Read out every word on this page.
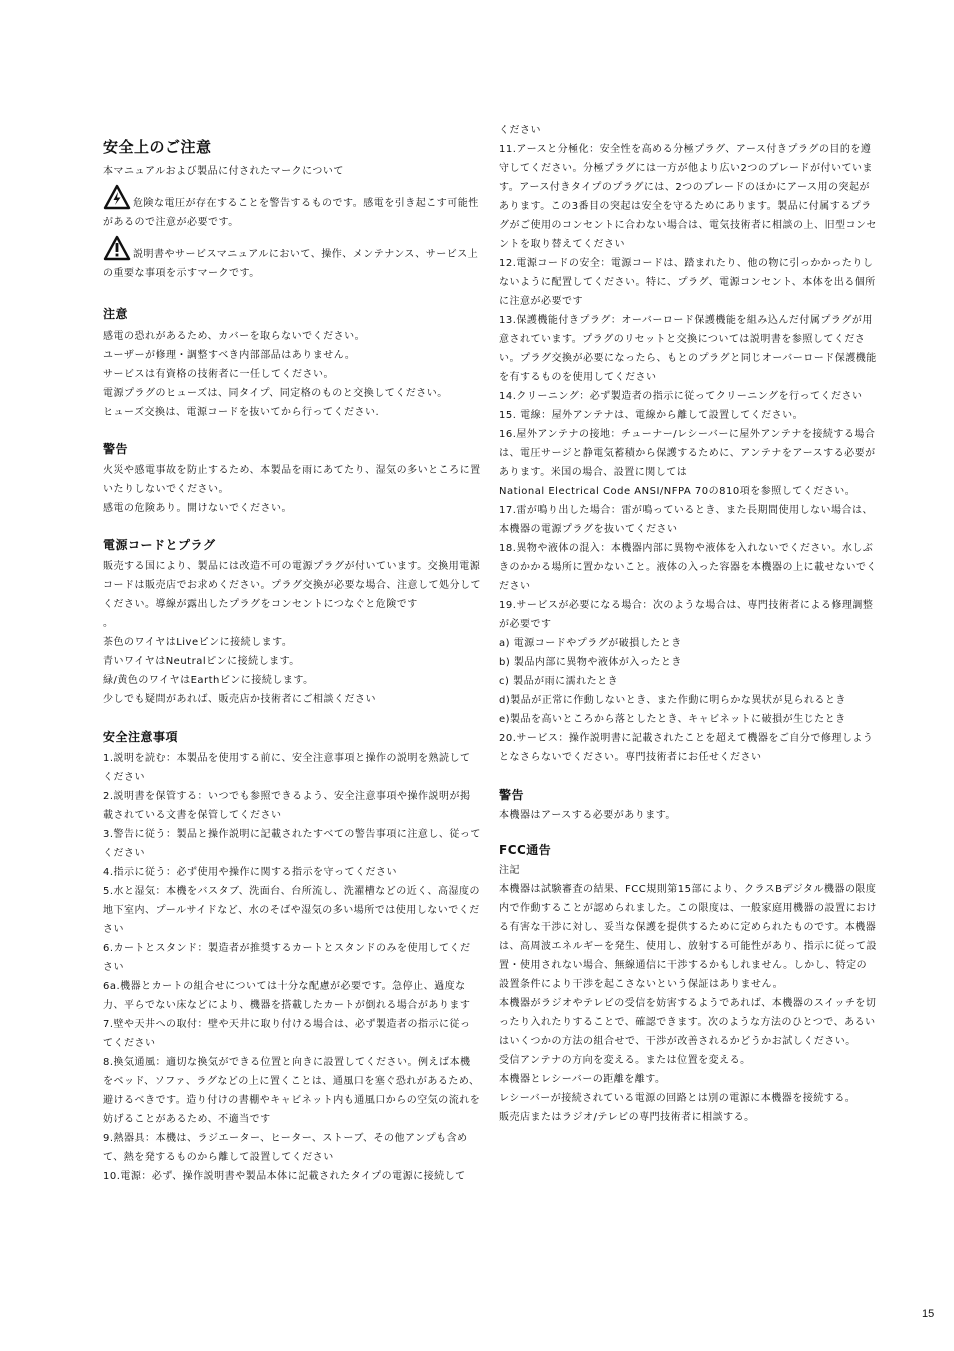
安全上のご注意

本マニュアルおよび製品に付されたマークについて

危険な電圧が存在することを警告するものです。感電を引き起こす可能性があるので注意が必要です。

説明書やサービスマニュアルにおいて、操作、メンテナンス、サービス上の重要な事項を示すマークです。

注意

感電の恐れがあるため、カバーを取らないでください。
ユーザーが修理・調整すべき内部部品はありません。
サービスは有資格の技術者に一任してください。
電源プラグのヒューズは、同タイプ、同定格のものと交換してください。
ヒューズ交換は、電源コードを抜いてから行ってください.

警告

火災や感電事故を防止するため、本製品を雨にあてたり、湿気の多いところに置いたりしないでください。
感電の危険あり。開けないでください。

電源コードとプラグ

販売する国により、製品には改造不可の電源プラグが付いています。交換用電源コードは販売店でお求めください。プラグ交換が必要な場合、注意して処分してください。導線が露出したプラグをコンセントにつなぐと危険です
。
茶色のワイヤはLiveピンに接続します。
青いワイヤはNeutralピンに接続します。
緑/黄色のワイヤはEarthピンに接続します。
少しでも疑問があれば、販売店か技術者にご相談ください

安全注意事項

1.説明を読む：本製品を使用する前に、安全注意事項と操作の説明を熟読してください
2.説明書を保管する：いつでも参照できるよう、安全注意事項や操作説明が掲載されている文書を保管してください
3.警告に従う：製品と操作説明に記載されたすべての警告事項に注意し、従ってください
4.指示に従う：必ず使用や操作に関する指示を守ってください
5.水と湿気：本機をバスタブ、洗面台、台所流し、洗濯槽などの近く、高湿度の地下室内、プールサイドなど、水のそばや湿気の多い場所では使用しないでください
6.カートとスタンド：製造者が推奨するカートとスタンドのみを使用してください
6a.機器とカートの組合せについては十分な配慮が必要です。急停止、過度な力、平らでない床などにより、機器を搭載したカートが倒れる場合があります
7.壁や天井への取付：壁や天井に取り付ける場合は、必ず製造者の指示に従ってください
8.換気通風：適切な換気ができる位置と向きに設置してください。例えば本機をベッド、ソファ、ラグなどの上に置くことは、通風口を塞ぐ恐れがあるため、避けるべきです。造り付けの書棚やキャビネット内も通風口からの空気の流れを妨げることがあるため、不適当です
9.熱器具：本機は、ラジエーター、ヒーター、ストーブ、その他アンプも含めて、熱を発するものから離して設置してください
10.電源：必ず、操作説明書や製品本体に記載されたタイプの電源に接続して

ください
11.アースと分極化：安全性を高める分極プラグ、アース付きプラグの目的を遵守してください。分極プラグには一方が他より広い2つのブレードが付いています。アース付きタイプのプラグには、2つのブレードのほかにアース用の突起があります。この3番目の突起は安全を守るためにあります。製品に付属するプラグがご使用のコンセントに合わない場合は、電気技術者に相談の上、旧型コンセントを取り替えてください
12.電源コードの安全：電源コードは、踏まれたり、他の物に引っかかったりしないように配置してください。特に、プラグ、電源コンセント、本体を出る個所に注意が必要です
13.保護機能付きプラグ：オーバーロード保護機能を組み込んだ付属プラグが用意されています。プラグのリセットと交換については説明書を参照してください。プラグ交換が必要になったら、もとのプラグと同じオーバーロード保護機能を有するものを使用してください
14.クリーニング：必ず製造者の指示に従ってクリーニングを行ってください
15. 電線：屋外アンテナは、電線から離して設置してください。
16.屋外アンテナの接地：チューナー/レシーバーに屋外アンテナを接続する場合は、電圧サージと静電気蓄積から保護するために、アンテナをアースする必要があります。米国の場合、設置に関しては
National Electrical Code ANSI/NFPA 70の810項を参照してください。
17.雷が鳴り出した場合：雷が鳴っているとき、また長期間使用しない場合は、本機器の電源プラグを抜いてください
18.異物や液体の混入：本機器内部に異物や液体を入れないでください。水しぶきのかかる場所に置かないこと。液体の入った容器を本機器の上に載せないでください
19.サービスが必要になる場合：次のような場合は、専門技術者による修理調整が必要です
a) 電源コードやプラグが破損したとき
b) 製品内部に異物や液体が入ったとき
c) 製品が雨に濡れたとき
d)製品が正常に作動しないとき、また作動に明らかな異状が見られるとき
e)製品を高いところから落としたとき、キャビネットに破損が生じたとき
20.サービス：操作説明書に記載されたことを超えて機器をご自分で修理しようとなさらないでください。専門技術者にお任せください

警告

本機器はアースする必要があります。

FCC通告

注記
本機器は試験審査の結果、FCC規則第15部により、クラスBデジタル機器の限度内で作動することが認められました。この限度は、一般家庭用機器の設置における有害な干渉に対し、妥当な保護を提供するために定められたものです。本機器は、高周波エネルギーを発生、使用し、放射する可能性があり、指示に従って設置・使用されない場合、無線通信に干渉するかもしれません。しかし、特定の設置条件により干渉を起こさないという保証はありません。
本機器がラジオやテレビの受信を妨害するようであれば、本機器のスイッチを切ったり入れたりすることで、確認できます。次のような方法のひとつで、あるいはいくつかの方法の組合せで、干渉が改善されるかどうかお試しください。
受信アンテナの方向を変える。または位置を変える。
本機器とレシーバーの距離を離す。
レシーバーが接続されている電源の回路とは別の電源に本機器を接続する。
販売店またはラジオ/テレビの専門技術者に相談する。

15
